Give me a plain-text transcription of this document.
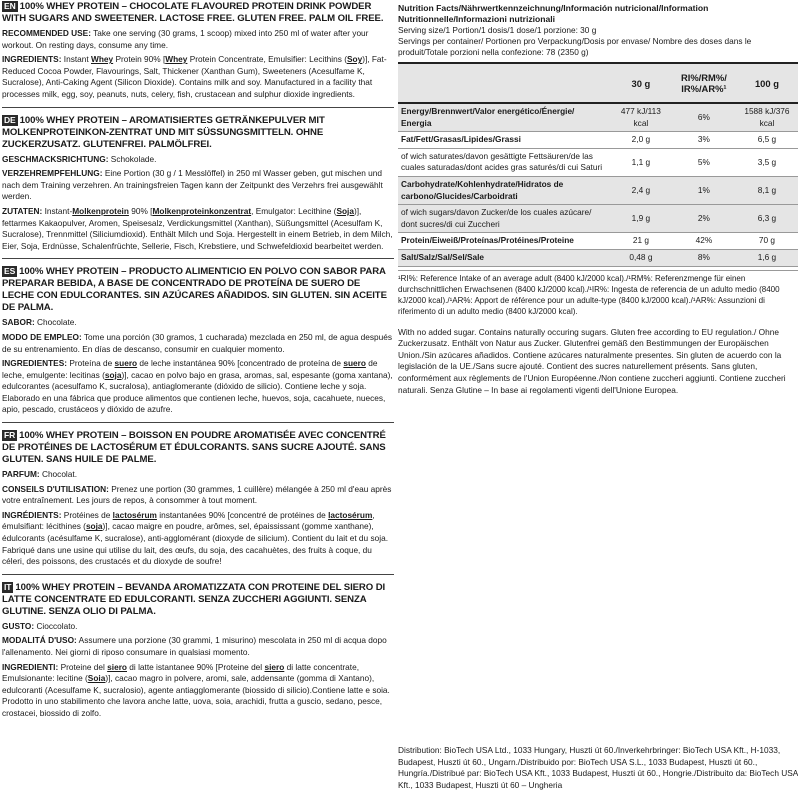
EN 100% WHEY PROTEIN – CHOCOLATE FLAVOURED PROTEIN DRINK POWDER WITH SUGARS AND SWEETENER. LACTOSE FREE. GLUTEN FREE. PALM OIL FREE.
RECOMMENDED USE: Take one serving (30 grams, 1 scoop) mixed into 250 ml of water after your workout. On resting days, consume any time.
INGREDIENTS: Instant Whey Protein 90% [Whey Protein Concentrate, Emulsifier: Lecithins (Soy)], Fat-Reduced Cocoa Powder, Flavourings, Salt, Thickener (Xanthan Gum), Sweeteners (Acesulfame K, Sucralose), Anti-Caking Agent (Silicon Dioxide). Contains milk and soy. Manufactured in a facility that processes milk, egg, soy, peanuts, nuts, celery, fish, crustacean and sulphur dioxide ingredients.
DE 100% WHEY PROTEIN – AROMATISIERTES GETRÄNKEPULVER MIT MOLKENPROTEINKON-ZENTRAT UND MIT SÜSSUNGSMITTELN. OHNE ZUCKERZUSATZ. GLUTENFREI. PALMÖLFREI.
GESCHMACKSRICHTUNG: Schokolade.
VERZEHREMPFEHLUNG: Eine Portion (30 g / 1 Messlöffel) in 250 ml Wasser geben, gut mischen und nach dem Training verzehren. An trainingsfreien Tagen kann der Zeitpunkt des Verzehrs frei ausgewählt werden.
ZUTATEN: Instant-Molkenprotein 90% [Molkenproteinkonzentrat, Emulgator: Lecithine (Soja)], fettarmes Kakaopulver, Aromen, Speisesalz, Verdickungsmittel (Xanthan), Süßungsmittel (Acesulfam K, Sucralose), Trennmittel (Siliciumdioxid). Enthält Milch und Soja. Hergestellt in einem Betrieb, in dem Milch, Eier, Soja, Erdnüsse, Schalenfrüchte, Sellerie, Fisch, Krebstiere, und Schwefeldioxid bearbeitet werden.
ES 100% WHEY PROTEIN – PRODUCTO ALIMENTICIO EN POLVO CON SABOR PARA PREPARAR BEBIDA, A BASE DE CONCENTRADO DE PROTEÍNA DE SUERO DE LECHE CON EDULCORANTES. SIN AZÚCARES AÑADIDOS. SIN GLUTEN. SIN ACEITE DE PALMA.
SABOR: Chocolate.
MODO DE EMPLEO: Tome una porción (30 gramos, 1 cucharada) mezclada en 250 ml, de agua después de su entrenamiento. En días de descanso, consumir en cualquier momento.
INGREDIENTES: Proteína de suero de leche instantánea 90% [concentrado de proteína de suero de leche, emulgente: lecitinas (soja)], cacao en polvo bajo en grasa, aromas, sal, espesante (goma xantana), edulcorantes (acesulfamo K, sucralosa), antiaglomerante (dióxido de silicio). Contiene leche y soja. Elaborado en una fábrica que produce alimentos que contienen leche, huevos, soja, cacahuete, nueces, apio, pescado, crustáceos y dióxido de azufre.
FR 100% WHEY PROTEIN – BOISSON EN POUDRE AROMATISÉE AVEC CONCENTRÉ DE PROTÉINES DE LACTOSÉRUM ET ÉDULCORANTS. SANS SUCRE AJOUTÉ. SANS GLUTEN. SANS HUILE DE PALME.
PARFUM: Chocolat.
CONSEILS D'UTILISATION: Prenez une portion (30 grammes, 1 cuillère) mélangée à 250 ml d'eau après votre entraînement. Les jours de repos, à consommer à tout moment.
INGRÉDIENTS: Protéines de lactosérum instantanées 90% [concentré de protéines de lactosérum, émulsifiant: lécithines (soja)], cacao maigre en poudre, arômes, sel, épaississant (gomme xanthane), édulcorants (acésulfame K, sucralose), anti-agglomérant (dioxyde de silicium). Contient du lait et du soja. Fabriqué dans une usine qui utilise du lait, des œufs, du soja, des cacahuètes, des fruits à coque, du céleri, des poissons, des crustacés et du dioxyde de soufre!
IT 100% WHEY PROTEIN – BEVANDA AROMATIZZATA CON PROTEINE DEL SIERO DI LATTE CONCENTRATE ED EDULCORANTI. SENZA ZUCCHERI AGGIUNTI. SENZA GLUTINE. SENZA OLIO DI PALMA.
GUSTO: Cioccolato.
MODALITÁ D'USO: Assumere una porzione (30 grammi, 1 misurino) mescolata in 250 ml di acqua dopo l'allenamento. Nei giorni di riposo consumare in qualsiasi momento.
INGREDIENTI: Proteine del siero di latte istantanee 90% [Proteine del siero di latte concentrate, Emulsionante: lecitine (Soia)], cacao magro in polvere, aromi, sale, addensante (gomma di Xantano), edulcoranti (Acesulfame K, sucralosio), agente antiagglomerante (biossido di silicio).Contiene latte e soia. Prodotto in uno stabilimento che lavora anche latte, uova, soia, arachidi, frutta a guscio, sedano, pesce, crostacei, biossido di zolfo.
Nutrition Facts/Nährwertkennzeichnung/Información nutricional/Information Nutritionnelle/Informazioni nutrizionali
Serving size/1 Portion/1 dosis/1 dose/1 porzione: 30 g
Servings per container/ Portionen pro Verpackung/Dosis por envase/ Nombre des doses dans le produit/Totale porzioni nella confezione: 78 (2350 g)
	30 g	RI%/RM%/ IR%/AR%¹	100 g
Energy/Brennwert/Valor energético/Énergie/ Energia	477 kJ/113 kcal	6%	1588 kJ/376 kcal
Fat/Fett/Grasas/Lipides/Grassi	2,0 g	3%	6,5 g
of wich saturates/davon gesättigte Fettsäuren/de las cuales saturadas/dont acides gras saturés/di cui Saturi	1,1 g	5%	3,5 g
Carbohydrate/Kohlenhydrate/Hidratos de carbono/Glucides/Carboidrati	2,4 g	1%	8,1 g
of wich sugars/davon Zucker/de los cuales azúcare/ dont sucres/di cui Zuccheri	1,9 g	2%	6,3 g
Protein/Eiweiß/Proteínas/Protéines/Proteine	21 g	42%	70 g
Salt/Salz/Sal/Sel/Sale	0,48 g	8%	1,6 g
¹RI%: Reference Intake of an average adult (8400 kJ/2000 kcal)./¹RM%: Referenzmenge für einen durchschnittlichen Erwachsenen (8400 kJ/2000 kcal)./¹IR%: Ingesta de referencia de un adulto medio (8400 kJ/2000 kcal)./¹AR%: Apport de référence pour un adulte-type (8400 kJ/2000 kcal)./¹AR%: Assunzioni di riferimento di un adulto medio (8400 kJ/2000 kcal).
With no added sugar. Contains naturally occuring sugars. Gluten free according to EU regulation./ Ohne Zuckerzusatz. Enthält von Natur aus Zucker. Glutenfrei gemäß den Bestimmungen der Europäischen Union./Sin azúcares añadidos. Contiene azúcares naturalmente presentes. Sin gluten de acuerdo con la legislación de la UE./Sans sucre ajouté. Contient des sucres naturellement présents. Sans gluten, conformément aux règlements de l'Union Européenne./Non contiene zuccheri aggiunti. Contiene zuccheri naturali. Senza Glutine – In base ai regolamenti vigenti dell'Unione Europea.
Distribution: BioTech USA Ltd., 1033 Hungary, Huszti út 60./Inverkehrbringer: BioTech USA Kft., H-1033, Budapest, Huszti út 60., Ungarn./Distribuido por: BioTech USA S.L., 1033 Budapest, Huszti út 60., Hungría./Distribué par: BioTech USA Kft., 1033 Budapest, Huszti út 60., Hongrie./Distribuito da: BioTech USA Kft., 1033 Budapest, Huszti út 60 – Ungheria
